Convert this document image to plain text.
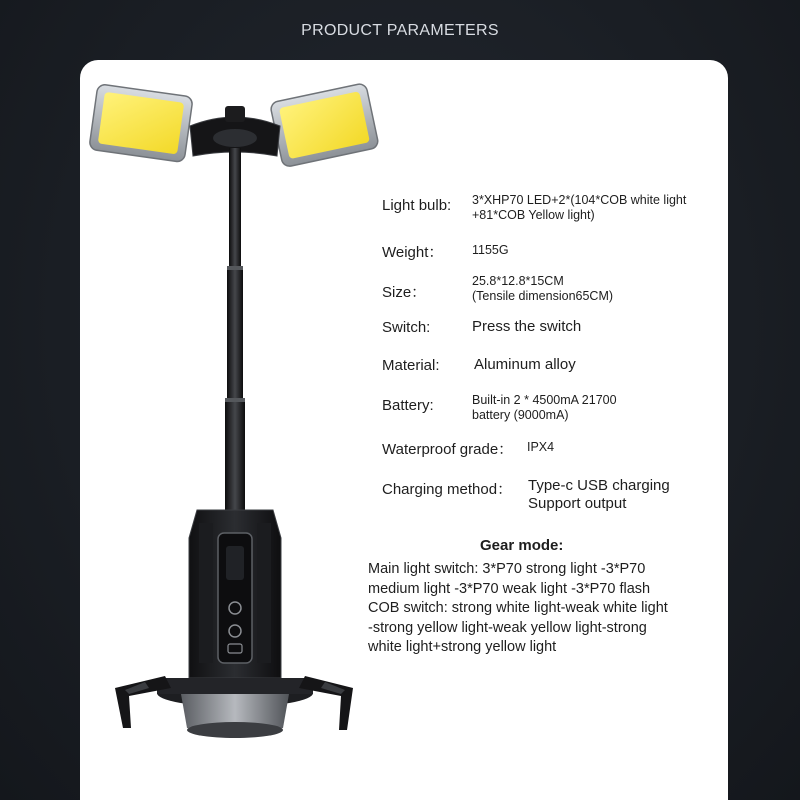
PRODUCT PARAMETERS
Light bulb: 3*XHP70 LED+2*(104*COB white light
+81*COB Yellow light)
Weight： 1155G
Size：
25.8*12.8*15CM
(Tensile dimension65CM)
Switch:	Press the switch
Material: Aluminum alloy
Battery:	Built-in 2 * 4500mA 21700
battery (9000mA)
Waterproof grade： IPX4
Charging method： Type-c USB charging
Support output
Gear mode:
Main light switch: 3*P70 strong light -3*P70
medium light -3*P70 weak light -3*P70 flash
COB switch: strong white light-weak white light
-strong yellow light-weak yellow light-strong
white light+strong yellow light
